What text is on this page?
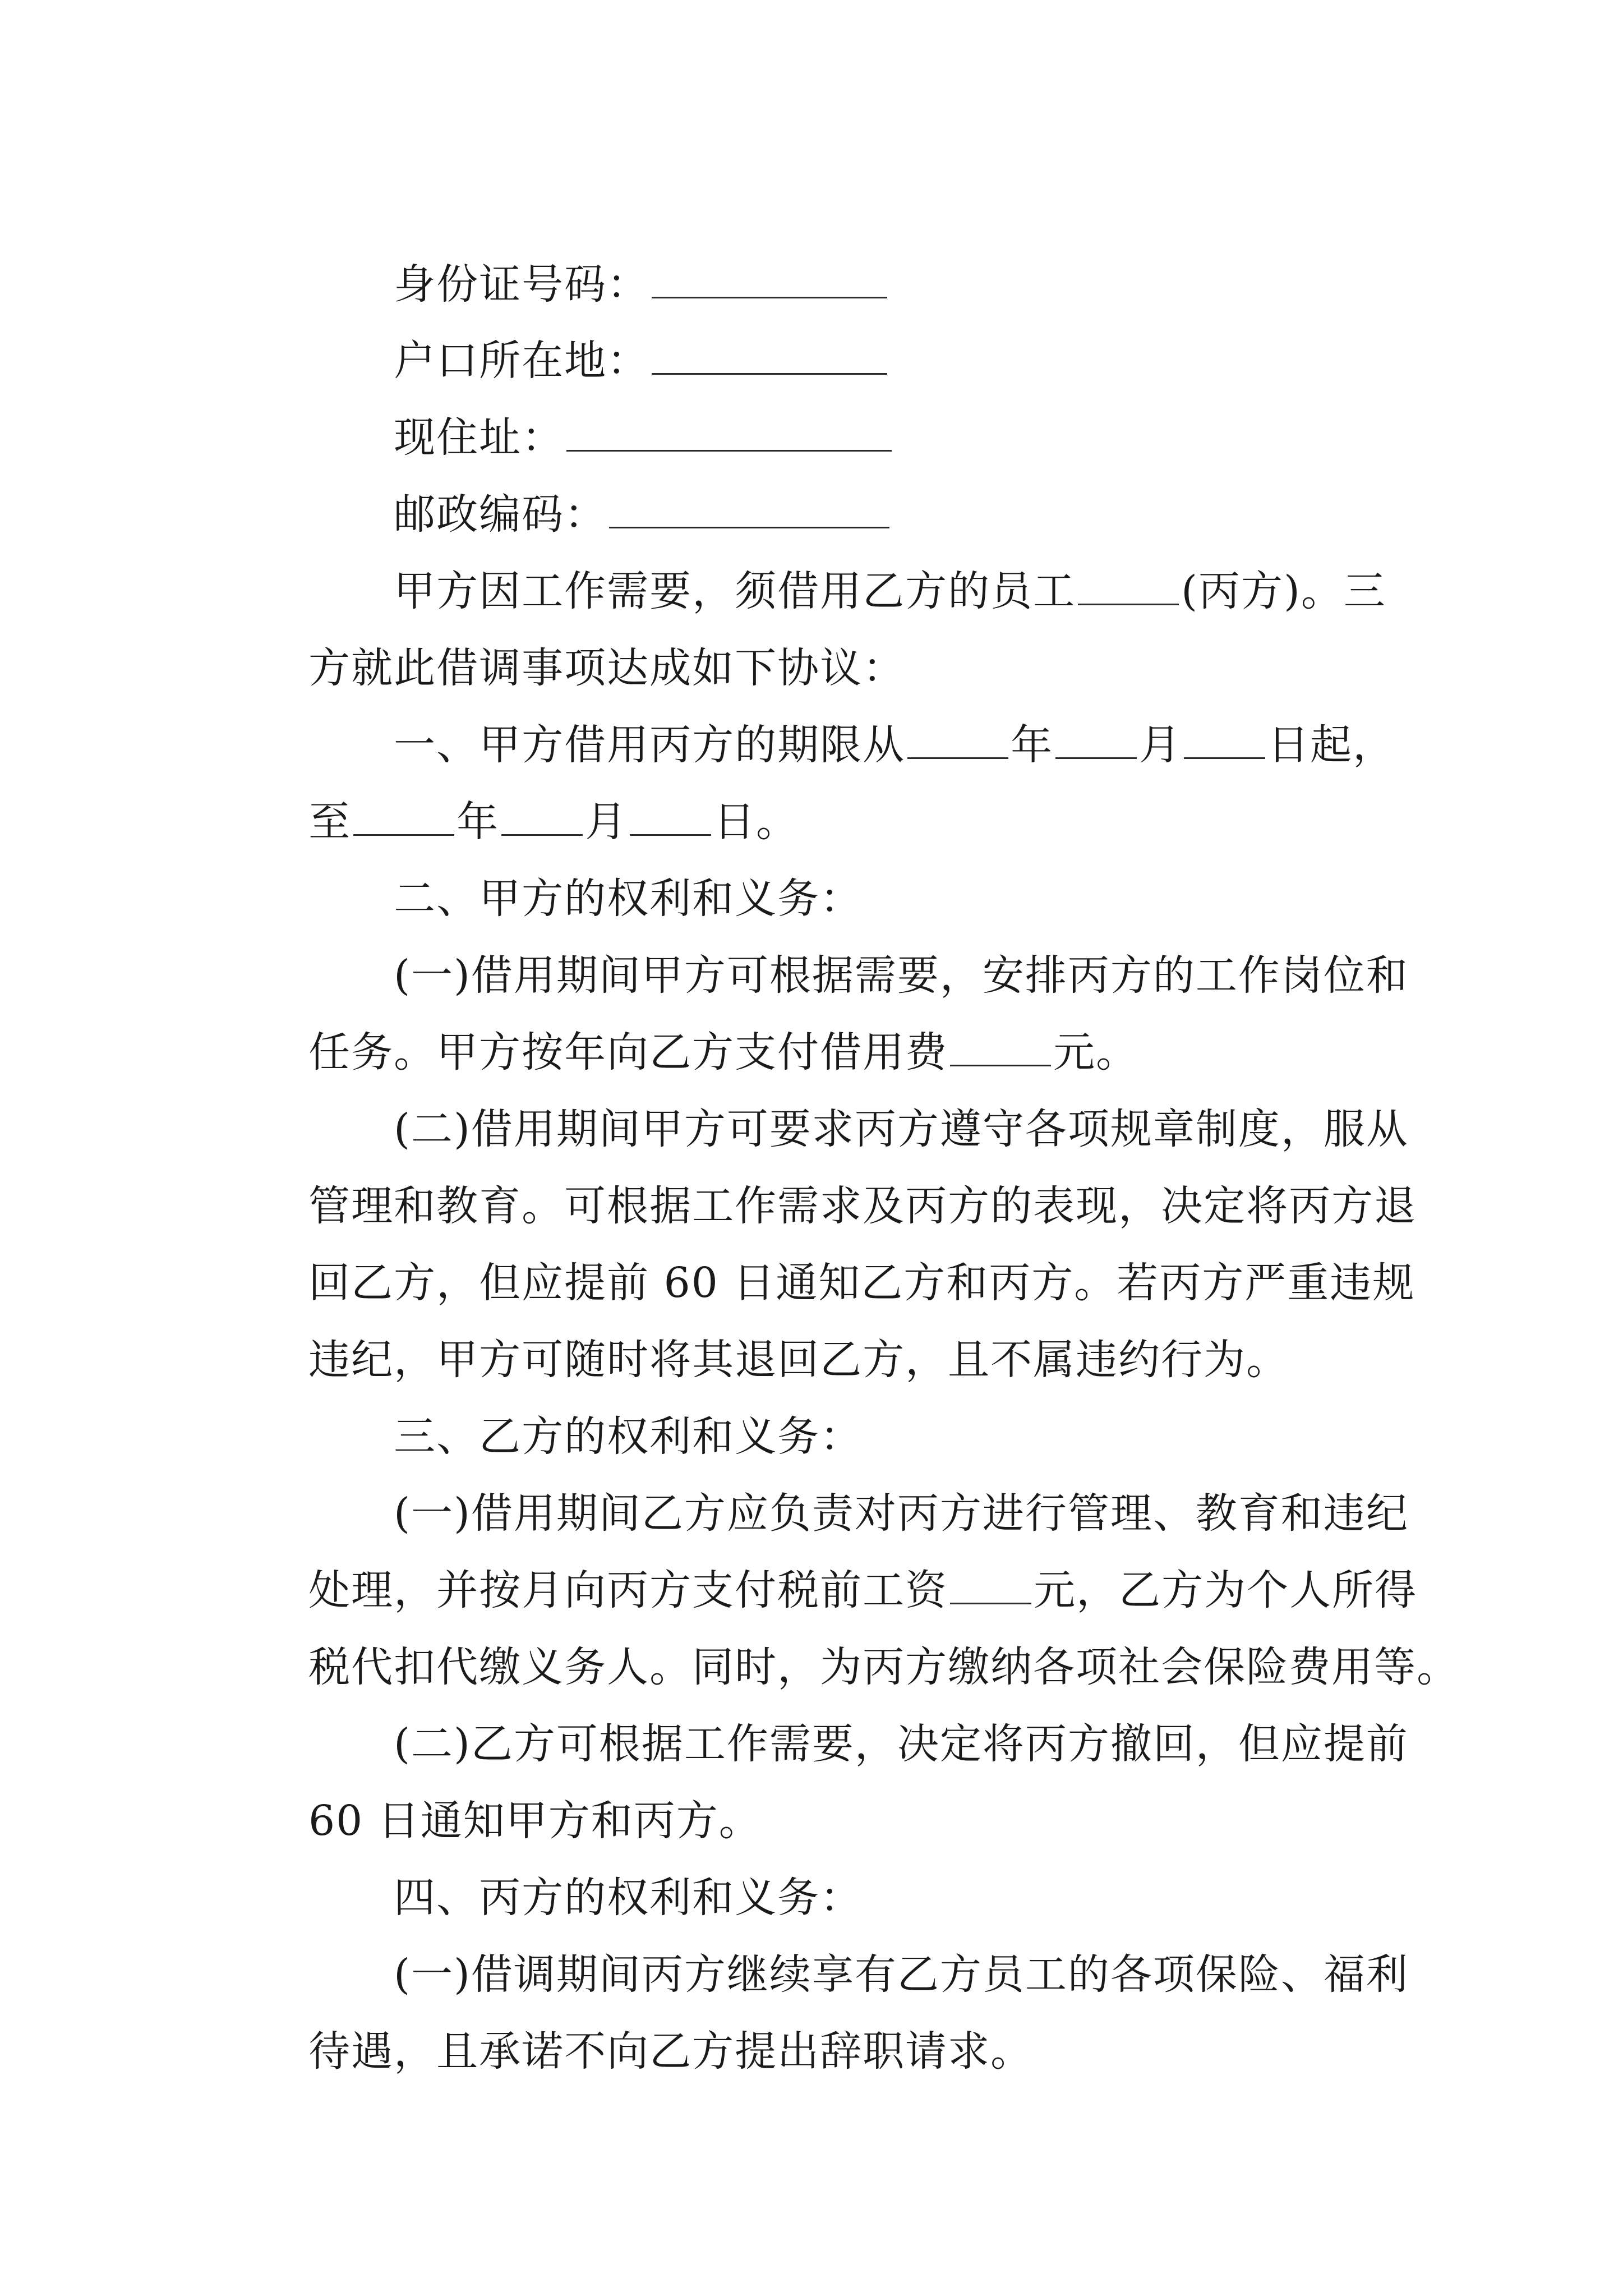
身份证号码：

户口所在地：

现住址：

邮政编码：

甲方因工作需要，须借用乙方的员工	(丙方)。三

方就此借调事项达成如下协议：

一、甲方借用丙方的期限从	年 月 日起，

至	年 月 日。

二、甲方的权利和义务：

(一)借用期间甲方可根据需要，安排丙方的工作岗位和

任务。甲方按年向乙方支付借用费	元。

(二)借用期间甲方可要求丙方遵守各项规章制度，服从

管理和教育。可根据工作需求及丙方的表现，决定将丙方退

回乙方，但应提前 60 日通知乙方和丙方。若丙方严重违规

违纪，甲方可随时将其退回乙方，且不属违约行为。

三、乙方的权利和义务：

(一)借用期间乙方应负责对丙方进行管理、教育和违纪

处理，并按月向丙方支付税前工资 元，乙方为个人所得

税代扣代缴义务人。同时，为丙方缴纳各项社会保险费用等。

(二)乙方可根据工作需要，决定将丙方撤回，但应提前

60 日通知甲方和丙方。

四、丙方的权利和义务：

(一)借调期间丙方继续享有乙方员工的各项保险、福利

待遇，且承诺不向乙方提出辞职请求。
